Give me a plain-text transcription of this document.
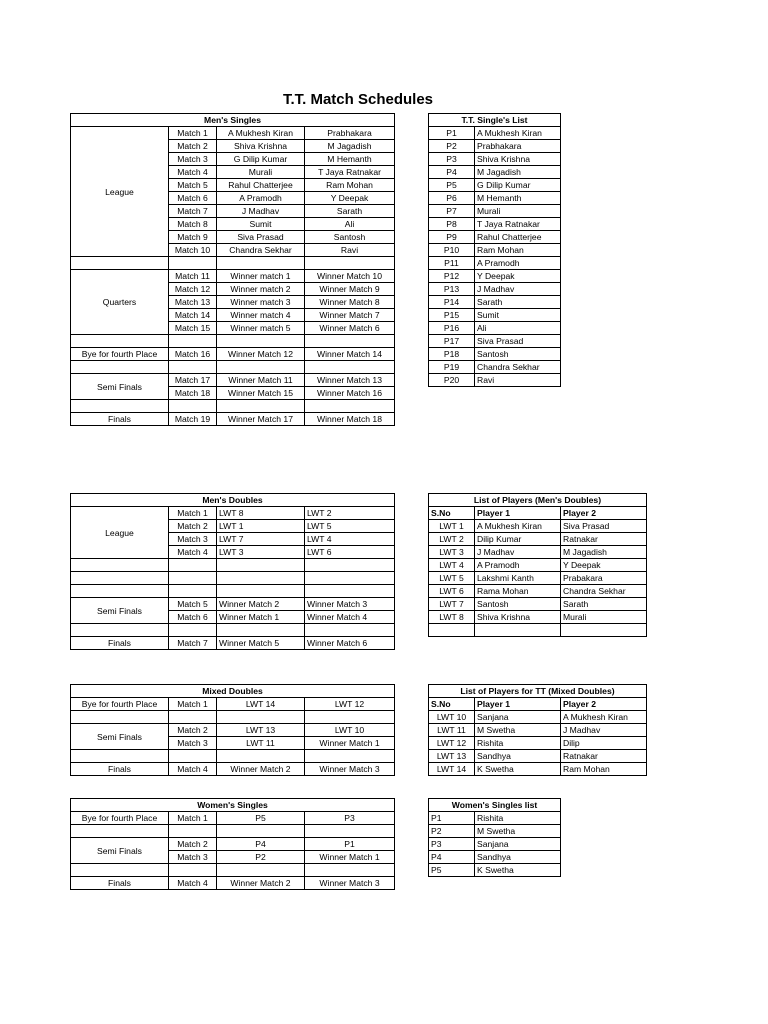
T.T. Match Schedules
Men's Singles			
League	Match 1	A Mukhesh Kiran	Prabhakara
	Match 2	Shiva Krishna	M Jagadish
	Match 3	G Dilip Kumar	M Hemanth
	Match 4	Murali	T Jaya Ratnakar
	Match 5	Rahul Chatterjee	Ram Mohan
	Match 6	A Pramodh	Y Deepak
	Match 7	J Madhav	Sarath
	Match 8	Sumit	Ali
	Match 9	Siva Prasad	Santosh
	Match 10	Chandra Sekhar	Ravi

Quarters	Match 11	Winner match 1	Winner Match 10
	Match 12	Winner match 2	Winner Match 9
	Match 13	Winner match 3	Winner Match 8
	Match 14	Winner match 4	Winner Match 7
	Match 15	Winner match 5	Winner Match 6

Bye for fourth Place	Match 16	Winner Match 12	Winner Match 14

Semi Finals	Match 17	Winner Match 11	Winner Match 13
	Match 18	Winner Match 15	Winner Match 16

Finals	Match 19	Winner Match 17	Winner Match 18
T.T. Single's List	
P1	A Mukhesh Kiran
P2	Prabhakara
P3	Shiva Krishna
P4	M Jagadish
P5	G Dilip Kumar
P6	M Hemanth
P7	Murali
P8	T Jaya Ratnakar
P9	Rahul Chatterjee
P10	Ram Mohan
P11	A Pramodh
P12	Y Deepak
P13	J Madhav
P14	Sarath
P15	Sumit
P16	Ali
P17	Siva Prasad
P18	Santosh
P19	Chandra Sekhar
P20	Ravi
Men's Doubles			
League	Match 1	LWT 8	LWT 2
	Match 2	LWT 1	LWT 5
	Match 3	LWT 7	LWT 4
	Match 4	LWT 3	LWT 6

Semi Finals	Match 5	Winner Match 2	Winner Match 3
	Match 6	Winner Match 1	Winner Match 4

Finals	Match 7	Winner Match 5	Winner Match 6
List of Players (Men's Doubles)		
S.No	Player 1	Player 2
LWT 1	A Mukhesh Kiran	Siva Prasad
LWT 2	Dilip Kumar	Ratnakar
LWT 3	J Madhav	M Jagadish
LWT 4	A Pramodh	Y Deepak
LWT 5	Lakshmi Kanth	Prabakara
LWT 6	Rama Mohan	Chandra Sekhar
LWT 7	Santosh	Sarath
LWT 8	Shiva Krishna	Murali

Mixed Doubles			
Bye for fourth Place	Match 1	LWT 14	LWT 12

Semi Finals	Match 2	LWT 13	LWT 10
	Match 3	LWT 11	Winner Match 1

Finals	Match 4	Winner Match 2	Winner Match 3
List of Players for TT (Mixed Doubles)		
S.No	Player 1	Player 2
LWT 10	Sanjana	A Mukhesh Kiran
LWT 11	M Swetha	J Madhav
LWT 12	Rishita	Dilip
LWT 13	Sandhya	Ratnakar
LWT 14	K Swetha	Ram Mohan
Women's Singles			
Bye for fourth Place	Match 1	P5	P3

Semi Finals	Match 2	P4	P1
	Match 3	P2	Winner Match 1

Finals	Match 4	Winner Match 2	Winner Match 3
Women's Singles list	
P1	Rishita
P2	M Swetha
P3	Sanjana
P4	Sandhya
P5	K Swetha
